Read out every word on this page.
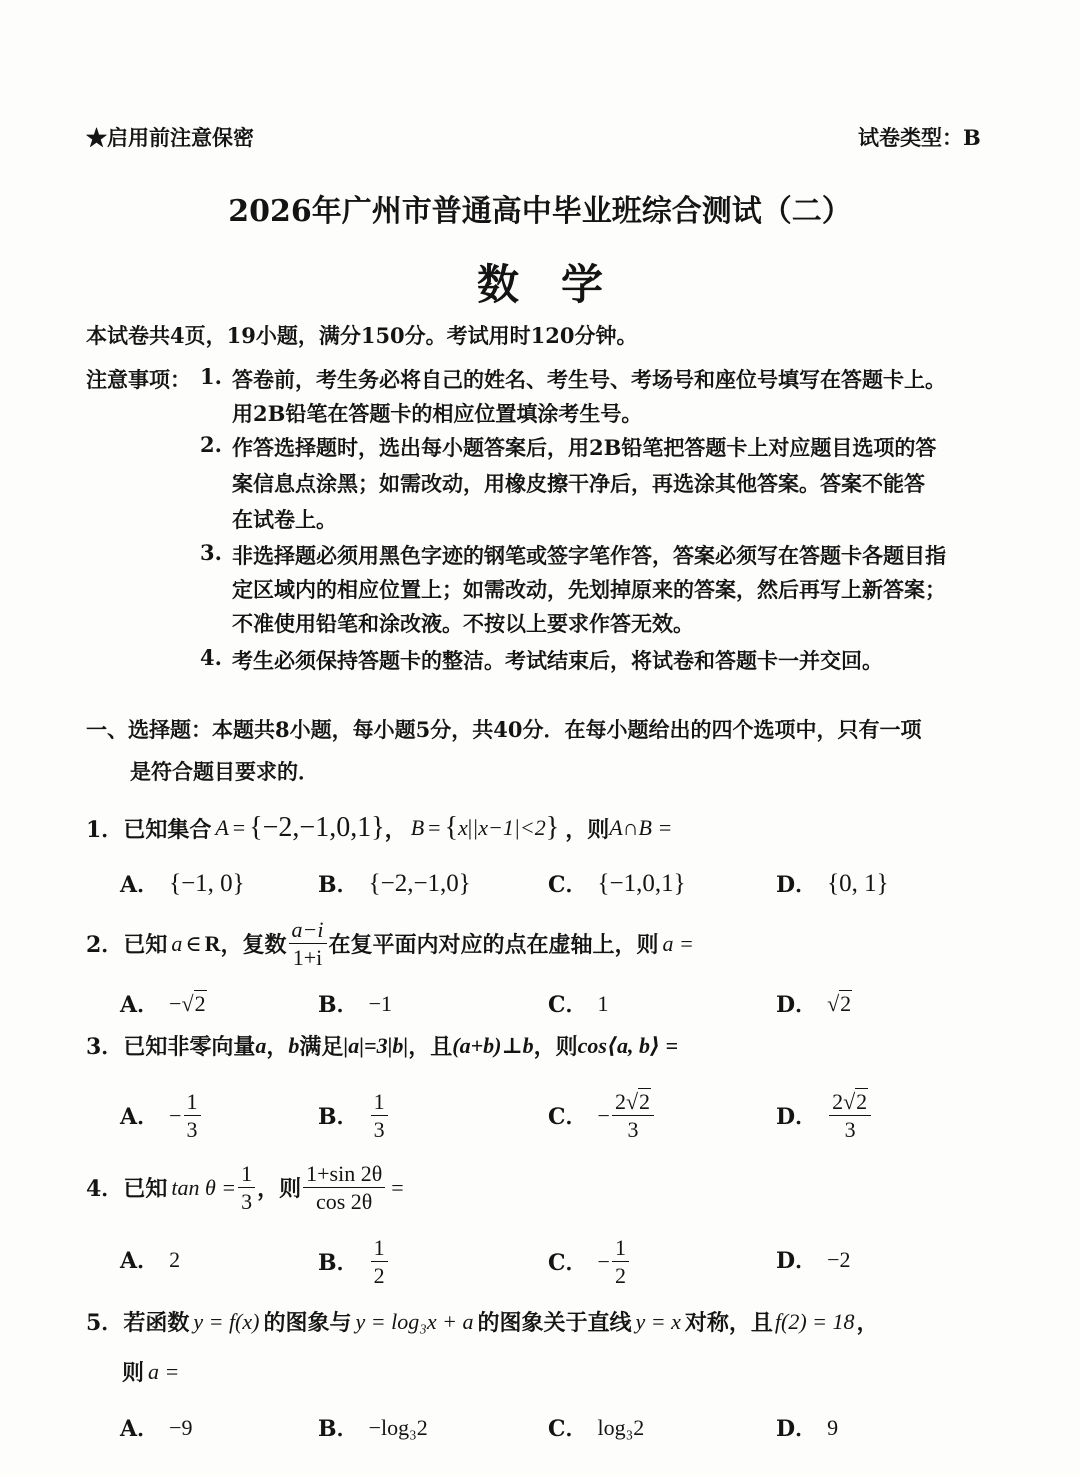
★启用前注意保密	试卷类型：B
2026年广州市普通高中毕业班综合测试（二）
数　学
本试卷共4页，19小题，满分150分。考试用时120分钟。
注意事项： 1. 答卷前，考生务必将自己的姓名、考生号、考场号和座位号填写在答题卡上。
用2B铅笔在答题卡的相应位置填涂考生号。
2. 作答选择题时，选出每小题答案后，用2B铅笔把答题卡上对应题目选项的答
案信息点涂黑；如需改动，用橡皮擦干净后，再选涂其他答案。答案不能答
在试卷上。
3. 非选择题必须用黑色字迹的钢笔或签字笔作答，答案必须写在答题卡各题目指
定区域内的相应位置上；如需改动，先划掉原来的答案，然后再写上新答案；
不准使用铅笔和涂改液。不按以上要求作答无效。
4. 考生必须保持答题卡的整洁。考试结束后，将试卷和答题卡一并交回。
一、选择题：本题共8小题，每小题5分，共40分．在每小题给出的四个选项中，只有一项
是符合题目要求的．
1． 已知集合 A = {−2,−1,0,1} ， B = { x | |x−1|<2 } ，则 A∩B =
A． {−1, 0}	B． {−2,−1,0}	C． {−1,0,1}	D． {0, 1}
2． 已知 a ∈ R ，复数 $\frac{a-i}{1+i}$ 在复平面内对应的点在虚轴上，则 a =
A． − √ 2	B． −1	C． 1	D． √ 2
3． 已知非零向量 a ， b 满足 |a|=3|b| ，且 (a+b)⊥b ，则 cos⟨a, b⟩ =
A． − $\frac{1}{3}$	B． $\frac{1}{3}$	C． − $\frac{2√2}{3}$	D． $\frac{2√2}{3}$
4． 已知 $\tan \theta = \frac{1}{3}$ ，则 $\frac{1+\sin 2\theta}{\cos 2\theta}$ =
A． 2	B． $\frac{1}{2}$	C． − $\frac{1}{2}$	D． −2
5． 若函数 y = f(x) 的图象与 y = log₃x + a 的图象关于直线 y = x 对称，且 f(2) = 18 ，
则 a =
A． −9	B． −log₃2	C． log₃2	D． 9
